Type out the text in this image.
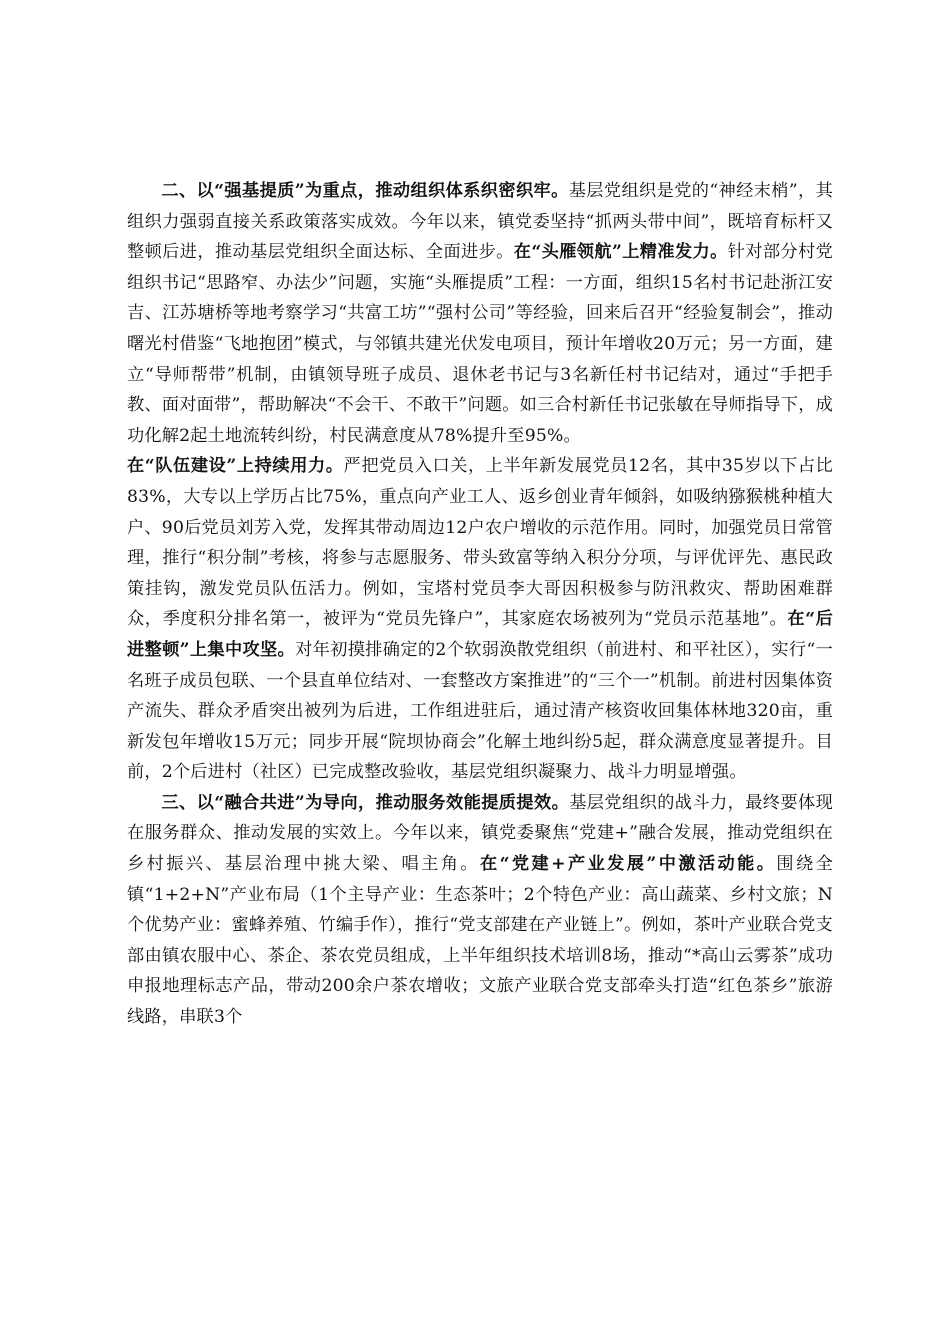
二、以“强基提质”为重点，推动组织体系织密织牢。基层党组织是党的“神经末梢”，其组织力强弱直接关系政策落实成效。今年以来，镇党委坚持“抓两头带中间”，既培育标杆又整顿后进，推动基层党组织全面达标、全面进步。在“头雁领航”上精准发力。针对部分村党组织书记“思路窄、办法少”问题，实施“头雁提质”工程：一方面，组织15名村书记赴浙江安吉、江苏塘桥等地考察学习“共富工坊”“强村公司”等经验，回来后召开“经验复制会”，推动曙光村借鉴“飞地抱团”模式，与邻镇共建光伏发电项目，预计年增收20万元；另一方面，建立“导师帮带”机制，由镇领导班子成员、退休老书记与3名新任村书记结对，通过“手把手教、面对面带”，帮助解决“不会干、不敢干”问题。如三合村新任书记张敏在导师指导下，成功化解2起土地流转纠纷，村民满意度从78%提升至95%。

在“队伍建设”上持续用力。严把党员入口关，上半年新发展党员12名，其中35岁以下占比83%，大专以上学历占比75%，重点向产业工人、返乡创业青年倾斜，如吸纳猕猴桃种植大户、90后党员刘芳入党，发挥其带动周边12户农户增收的示范作用。同时，加强党员日常管理，推行“积分制”考核，将参与志愿服务、带头致富等纳入积分分项，与评优评先、惠民政策挂钩，激发党员队伍活力。例如，宝塔村党员李大哥因积极参与防汛救灾、帮助困难群众，季度积分排名第一，被评为“党员先锋户”，其家庭农场被列为“党员示范基地”。在“后进整顿”上集中攻坚。对年初摸排确定的2个软弱涣散党组织（前进村、和平社区），实行“一名班子成员包联、一个县直单位结对、一套整改方案推进”的“三个一”机制。前进村因集体资产流失、群众矛盾突出被列为后进，工作组进驻后，通过清产核资收回集体林地320亩，重新发包年增收15万元；同步开展“院坝协商会”化解土地纠纷5起，群众满意度显著提升。目前，2个后进村（社区）已完成整改验收，基层党组织凝聚力、战斗力明显增强。

三、以“融合共进”为导向，推动服务效能提质提效。基层党组织的战斗力，最终要体现在服务群众、推动发展的实效上。今年以来，镇党委聚焦“党建+”融合发展，推动党组织在乡村振兴、基层治理中挑大梁、唱主角。在“党建+产业发展”中激活动能。围绕全镇“1+2+N”产业布局（1个主导产业：生态茶叶；2个特色产业：高山蔬菜、乡村文旅；N个优势产业：蜜蜂养殖、竹编手作），推行“党支部建在产业链上”。例如，茶叶产业联合党支部由镇农服中心、茶企、茶农党员组成，上半年组织技术培训8场，推动“*高山云雾茶”成功申报地理标志产品，带动200余户茶农增收；文旅产业联合党支部牵头打造“红色茶乡”旅游线路，串联3个
